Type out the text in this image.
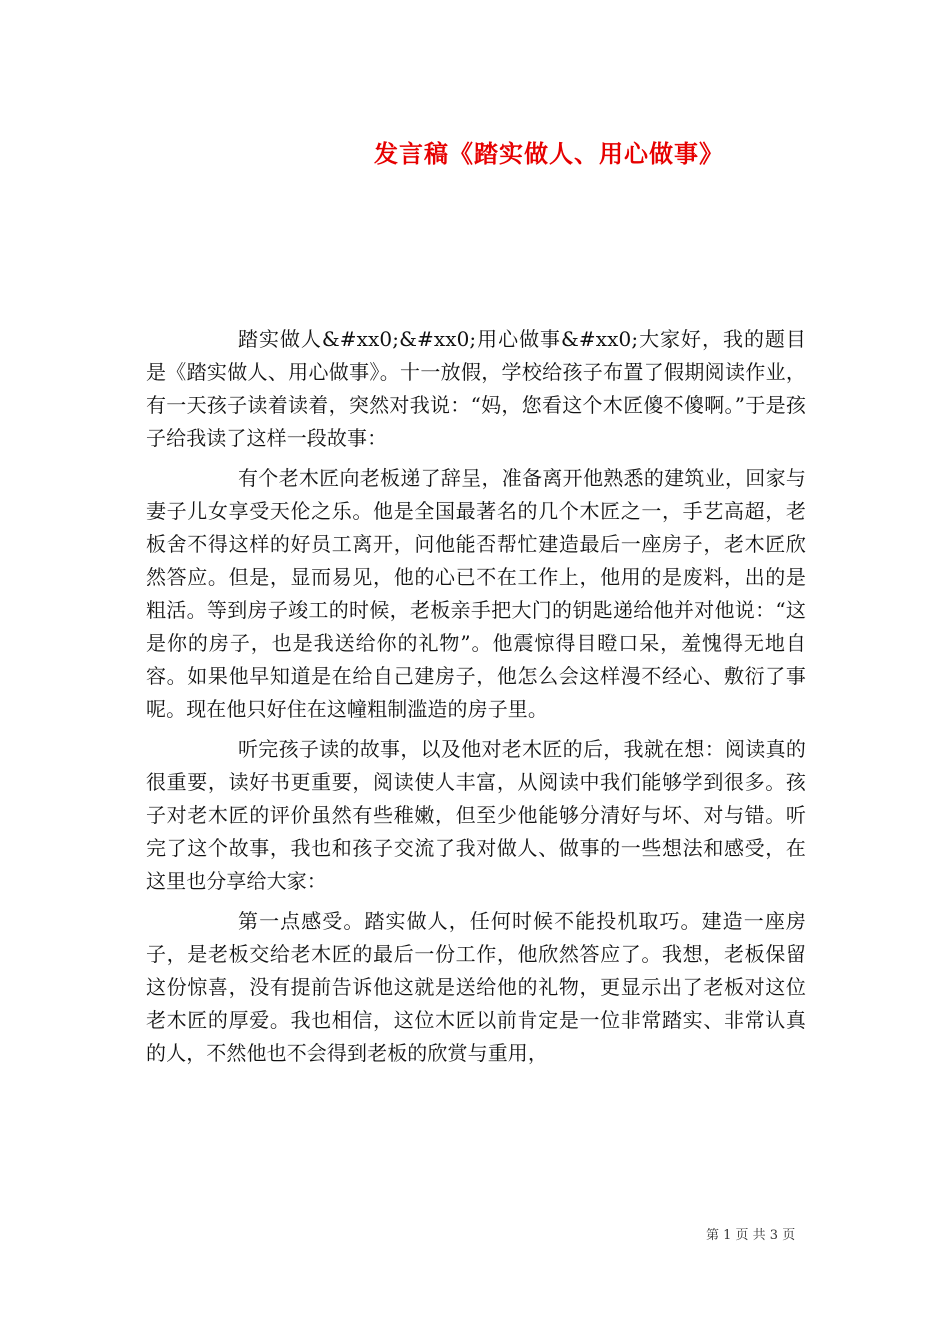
发言稿《踏实做人、用心做事》

踏实做人&#xx0;&#xx0;用心做事&#xx0;大家好，我的题目是《踏实做人、用心做事》。十一放假，学校给孩子布置了假期阅读作业，有一天孩子读着读着，突然对我说：“妈，您看这个木匠傻不傻啊。”于是孩子给我读了这样一段故事：

有个老木匠向老板递了辞呈，准备离开他熟悉的建筑业，回家与妻子儿女享受天伦之乐。他是全国最著名的几个木匠之一，手艺高超，老板舍不得这样的好员工离开，问他能否帮忙建造最后一座房子，老木匠欣然答应。但是，显而易见，他的心已不在工作上，他用的是废料，出的是粗活。等到房子竣工的时候，老板亲手把大门的钥匙递给他并对他说：“这是你的房子，也是我送给你的礼物”。他震惊得目瞪口呆，羞愧得无地自容。如果他早知道是在给自己建房子，他怎么会这样漫不经心、敷衍了事呢。现在他只好住在这幢粗制滥造的房子里。

听完孩子读的故事，以及他对老木匠的后，我就在想：阅读真的很重要，读好书更重要，阅读使人丰富，从阅读中我们能够学到很多。孩子对老木匠的评价虽然有些稚嫩，但至少他能够分清好与坏、对与错。听完了这个故事，我也和孩子交流了我对做人、做事的一些想法和感受，在这里也分享给大家：

第一点感受。踏实做人，任何时候不能投机取巧。建造一座房子，是老板交给老木匠的最后一份工作，他欣然答应了。我想，老板保留这份惊喜，没有提前告诉他这就是送给他的礼物，更显示出了老板对这位老木匠的厚爱。我也相信，这位木匠以前肯定是一位非常踏实、非常认真的人，不然他也不会得到老板的欣赏与重用，

第 1 页 共 3 页
